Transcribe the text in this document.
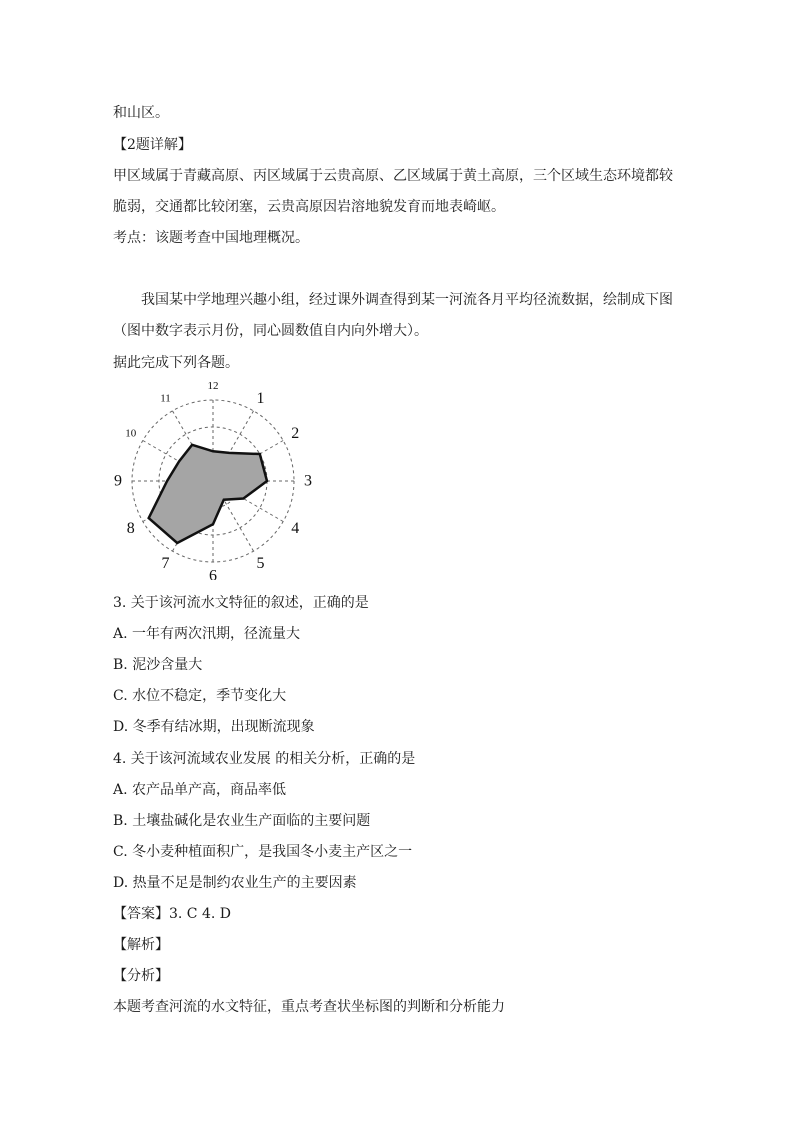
和山区。
【2题详解】
甲区域属于青藏高原、丙区域属于云贵高原、乙区域属于黄土高原，三个区域生态环境都较
脆弱，交通都比较闭塞，云贵高原因岩溶地貌发育而地表崎岖。
考点：该题考查中国地理概况。
我国某中学地理兴趣小组，经过课外调查得到某一河流各月平均径流数据，绘制成下图
（图中数字表示月份，同心圆数值自内向外增大）。
据此完成下列各题。
1
2
3
4
5
6
7
8
9
10
11
12
3. 关于该河流水文特征的叙述，正确的是
A. 一年有两次汛期，径流量大
B. 泥沙含量大
C. 水位不稳定，季节变化大
D. 冬季有结冰期，出现断流现象
4. 关于该河流域农业发展 的相关分析，正确的是
A. 农产品单产高，商品率低
B. 土壤盐碱化是农业生产面临的主要问题
C. 冬小麦种植面积广，是我国冬小麦主产区之一
D. 热量不足是制约农业生产的主要因素
【答案】3. C 4. D
【解析】
【分析】
本题考查河流的水文特征，重点考查状坐标图的判断和分析能力
